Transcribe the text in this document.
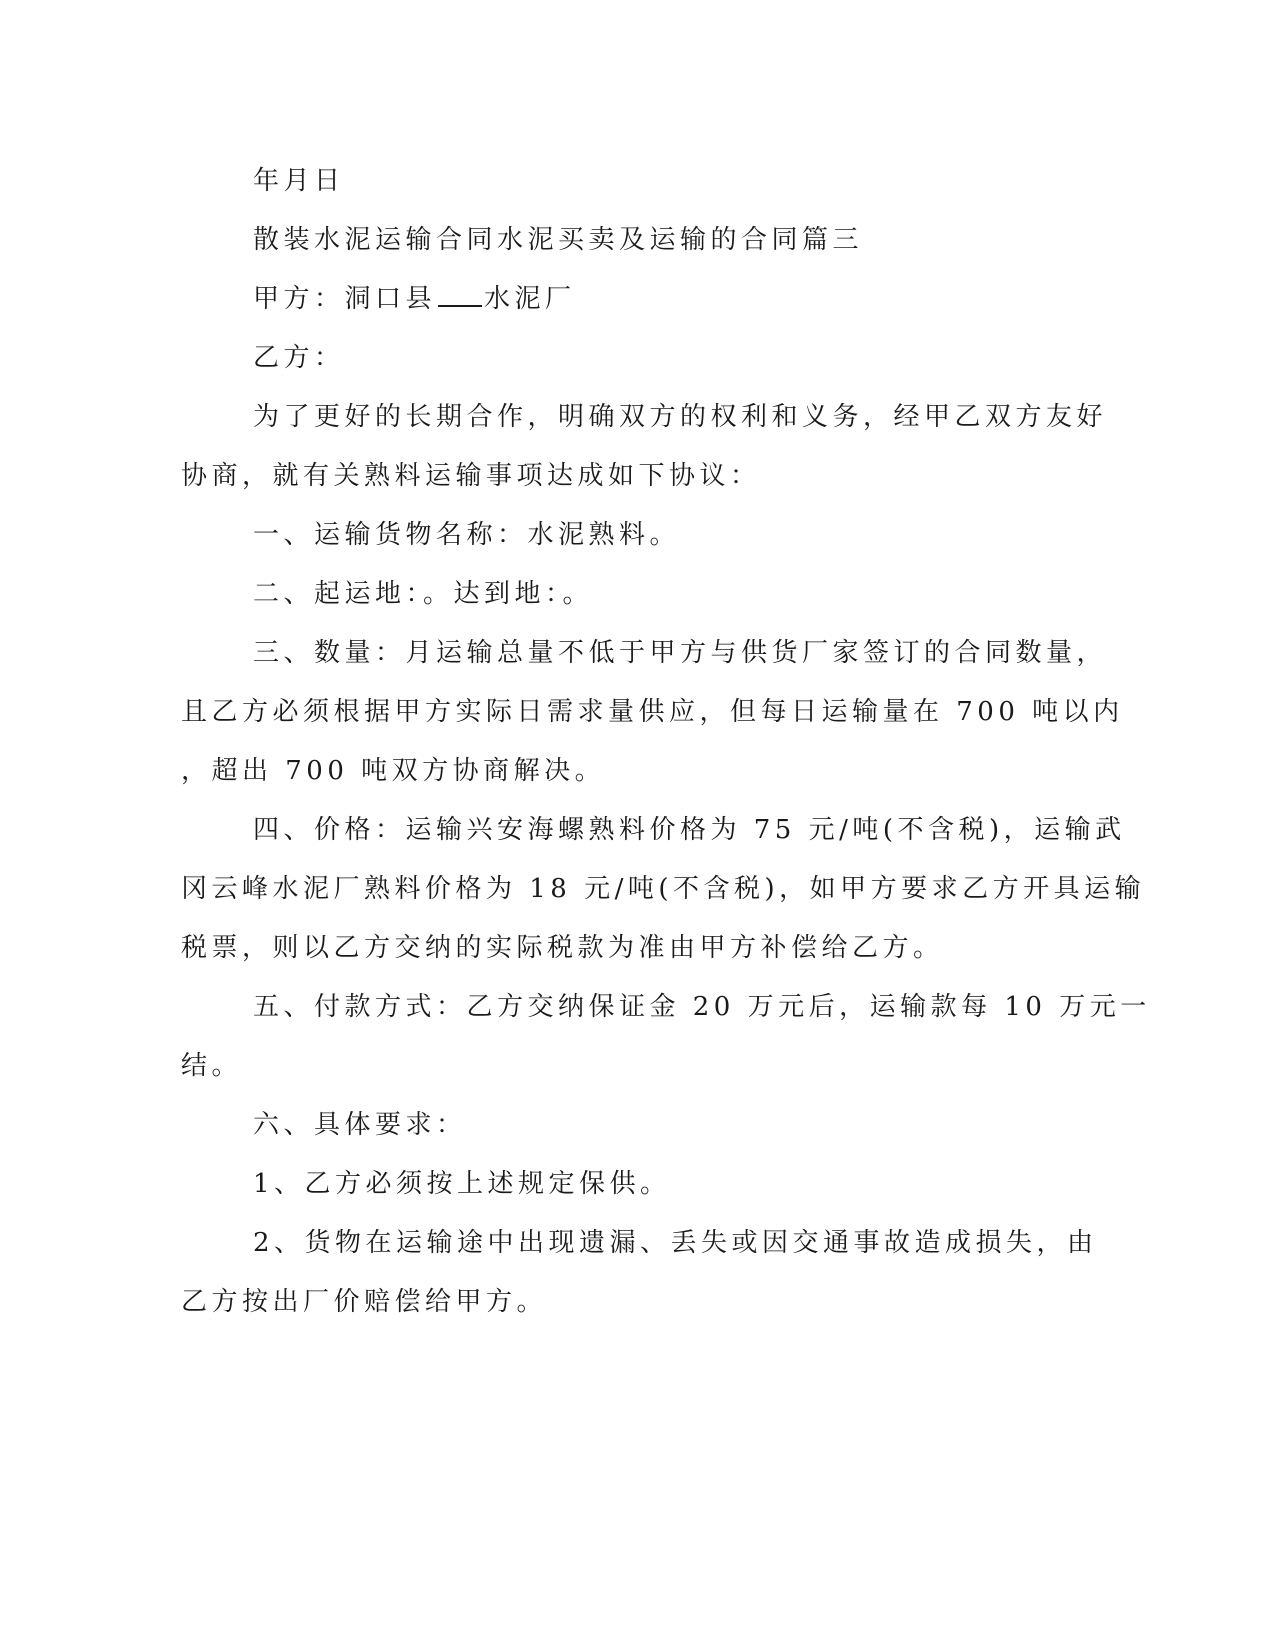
年月日
散装水泥运输合同水泥买卖及运输的合同篇三
甲方：洞口县 水泥厂
乙方：
为了更好的长期合作，明确双方的权利和义务，经甲乙双方友好
协商，就有关熟料运输事项达成如下协议：
一、运输货物名称：水泥熟料。
二、起运地：。达到地：。
三、数量：月运输总量不低于甲方与供货厂家签订的合同数量，
且乙方必须根据甲方实际日需求量供应，但每日运输量在 700 吨以内
，超出 700 吨双方协商解决。
四、价格：运输兴安海螺熟料价格为 75 元/吨(不含税)，运输武
冈云峰水泥厂熟料价格为 18 元/吨(不含税)，如甲方要求乙方开具运输
税票，则以乙方交纳的实际税款为准由甲方补偿给乙方。
五、付款方式：乙方交纳保证金 20 万元后，运输款每 10 万元一
结。
六、具体要求：
1、乙方必须按上述规定保供。
2、货物在运输途中出现遗漏、丢失或因交通事故造成损失，由
乙方按出厂价赔偿给甲方。
